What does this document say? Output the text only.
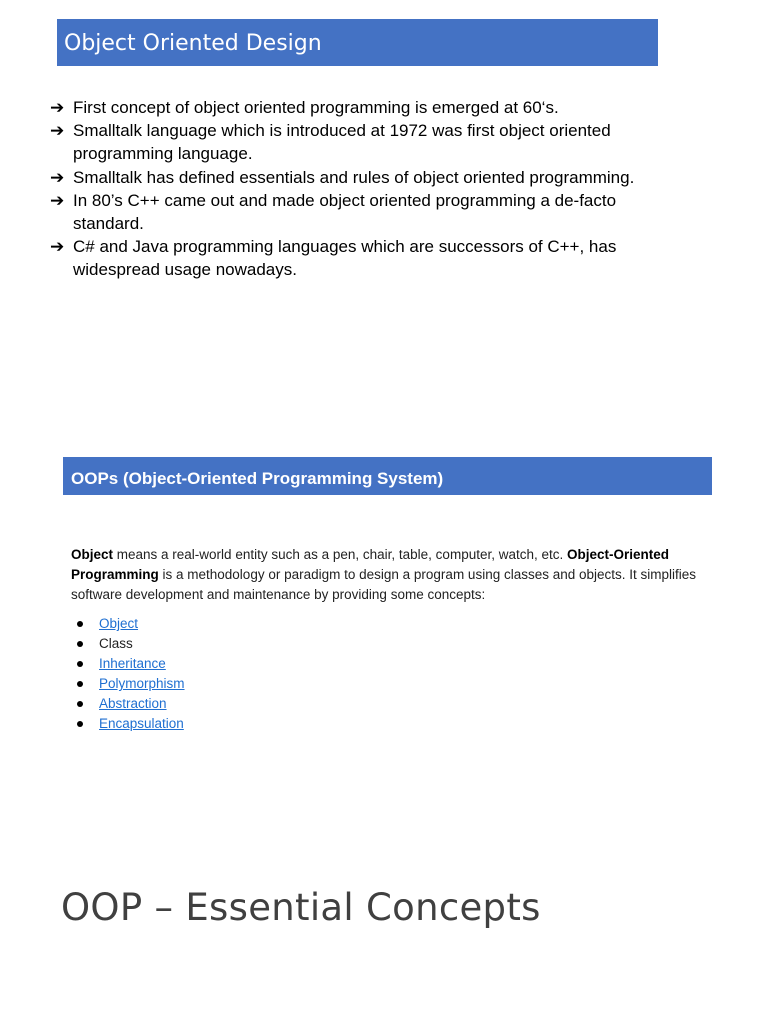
Object Oriented Design
➔ First concept of object oriented programming is emerged at 60‘s.
➔ Smalltalk language which is introduced at 1972 was first object oriented programming language.
➔ Smalltalk has defined essentials and rules of object oriented programming.
➔ In 80’s C++ came out and made object oriented programming a de-facto standard.
➔ C# and Java programming languages which are successors of C++, has widespread usage nowadays.
OOPs (Object-Oriented Programming System)

Object means a real-world entity such as a pen, chair, table, computer, watch, etc. Object-Oriented Programming is a methodology or paradigm to design a program using classes and objects. It simplifies software development and maintenance by providing some concepts:

Object
Class
Inheritance
Polymorphism
Abstraction
Encapsulation
OOP – Essential Concepts
